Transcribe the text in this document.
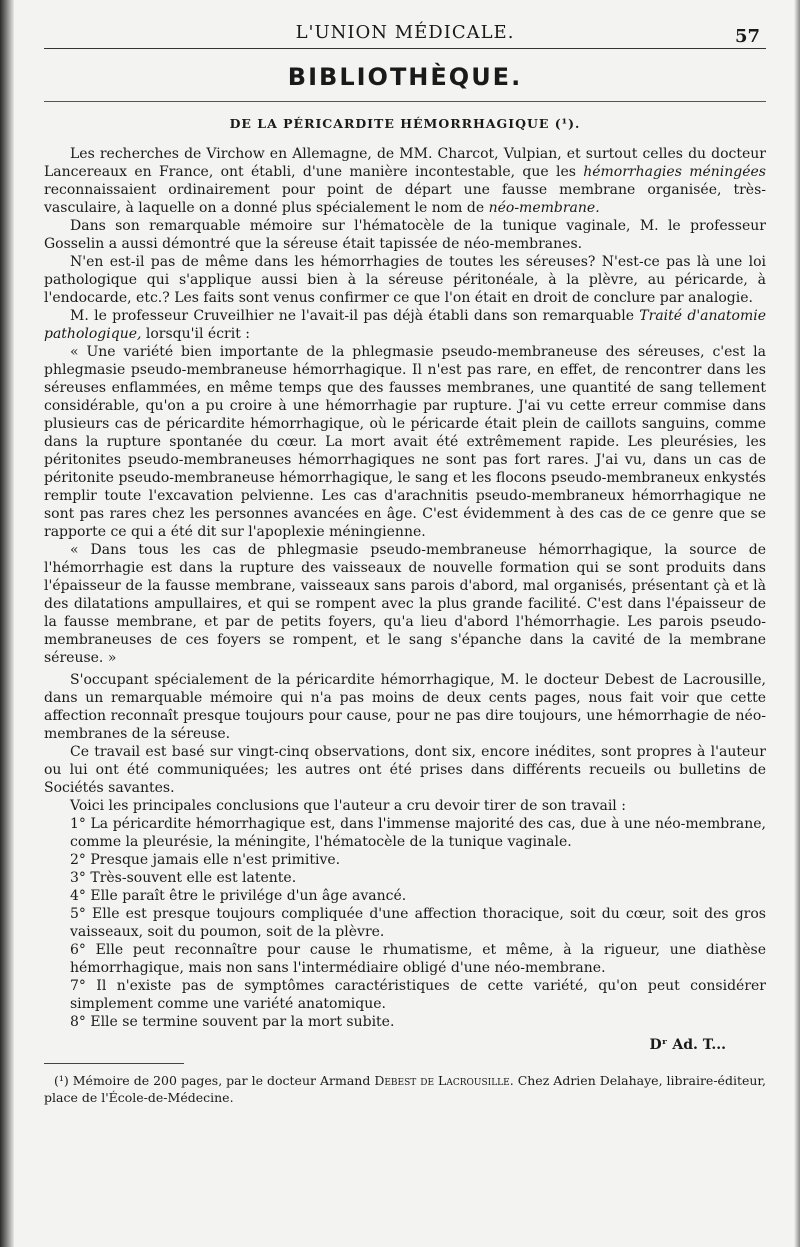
L'UNION MÉDICALE.	57
BIBLIOTHÈQUE.
DE LA PÉRICARDITE HÉMORRHAGIQUE (¹).

Les recherches de Virchow en Allemagne, de MM. Charcot, Vulpian, et surtout celles du docteur Lancereaux en France, ont établi, d'une manière incontestable, que les hémorrhagies méningées reconnaissaient ordinairement pour point de départ une fausse membrane organisée, très-vasculaire, à laquelle on a donné plus spécialement le nom de néo-membrane.

Dans son remarquable mémoire sur l'hématocèle de la tunique vaginale, M. le professeur Gosselin a aussi démontré que la séreuse était tapissée de néo-membranes.

N'en est-il pas de même dans les hémorrhagies de toutes les séreuses? N'est-ce pas là une loi pathologique qui s'applique aussi bien à la séreuse péritonéale, à la plèvre, au péricarde, à l'endocarde, etc.? Les faits sont venus confirmer ce que l'on était en droit de conclure par analogie.

M. le professeur Cruveilhier ne l'avait-il pas déjà établi dans son remarquable Traité d'anatomie pathologique, lorsqu'il écrit :

« Une variété bien importante de la phlegmasie pseudo-membraneuse des séreuses, c'est la phlegmasie pseudo-membraneuse hémorrhagique. Il n'est pas rare, en effet, de rencontrer dans les séreuses enflammées, en même temps que des fausses membranes, une quantité de sang tellement considérable, qu'on a pu croire à une hémorrhagie par rupture. J'ai vu cette erreur commise dans plusieurs cas de péricardite hémorrhagique, où le péricarde était plein de caillots sanguins, comme dans la rupture spontanée du cœur. La mort avait été extrêmement rapide. Les pleurésies, les péritonites pseudo-membraneuses hémorrhagiques ne sont pas fort rares. J'ai vu, dans un cas de péritonite pseudo-membraneuse hémorrhagique, le sang et les flocons pseudo-membraneux enkystés remplir toute l'excavation pelvienne. Les cas d'arachnitis pseudo-membraneux hémorrhagique ne sont pas rares chez les personnes avancées en âge. C'est évidemment à des cas de ce genre que se rapporte ce qui a été dit sur l'apoplexie méningienne.

« Dans tous les cas de phlegmasie pseudo-membraneuse hémorrhagique, la source de l'hémorrhagie est dans la rupture des vaisseaux de nouvelle formation qui se sont produits dans l'épaisseur de la fausse membrane, vaisseaux sans parois d'abord, mal organisés, présentant çà et là des dilatations ampullaires, et qui se rompent avec la plus grande facilité. C'est dans l'épaisseur de la fausse membrane, et par de petits foyers, qu'a lieu d'abord l'hémorrhagie. Les parois pseudo-membraneuses de ces foyers se rompent, et le sang s'épanche dans la cavité de la membrane séreuse. »

S'occupant spécialement de la péricardite hémorrhagique, M. le docteur Debest de Lacrousille, dans un remarquable mémoire qui n'a pas moins de deux cents pages, nous fait voir que cette affection reconnaît presque toujours pour cause, pour ne pas dire toujours, une hémorrhagie de néo-membranes de la séreuse.

Ce travail est basé sur vingt-cinq observations, dont six, encore inédites, sont propres à l'auteur ou lui ont été communiquées; les autres ont été prises dans différents recueils ou bulletins de Sociétés savantes.

Voici les principales conclusions que l'auteur a cru devoir tirer de son travail :

1° La péricardite hémorrhagique est, dans l'immense majorité des cas, due à une néo-membrane, comme la pleurésie, la méningite, l'hématocèle de la tunique vaginale.

2° Presque jamais elle n'est primitive.

3° Très-souvent elle est latente.

4° Elle paraît être le privilége d'un âge avancé.

5° Elle est presque toujours compliquée d'une affection thoracique, soit du cœur, soit des gros vaisseaux, soit du poumon, soit de la plèvre.

6° Elle peut reconnaître pour cause le rhumatisme, et même, à la rigueur, une diathèse hémorrhagique, mais non sans l'intermédiaire obligé d'une néo-membrane.

7° Il n'existe pas de symptômes caractéristiques de cette variété, qu'on peut considérer simplement comme une variété anatomique.

8° Elle se termine souvent par la mort subite.

Dʳ Ad. T...
(¹) Mémoire de 200 pages, par le docteur Armand Debest de Lacrousille. Chez Adrien Delahaye, libraire-éditeur, place de l'École-de-Médecine.
